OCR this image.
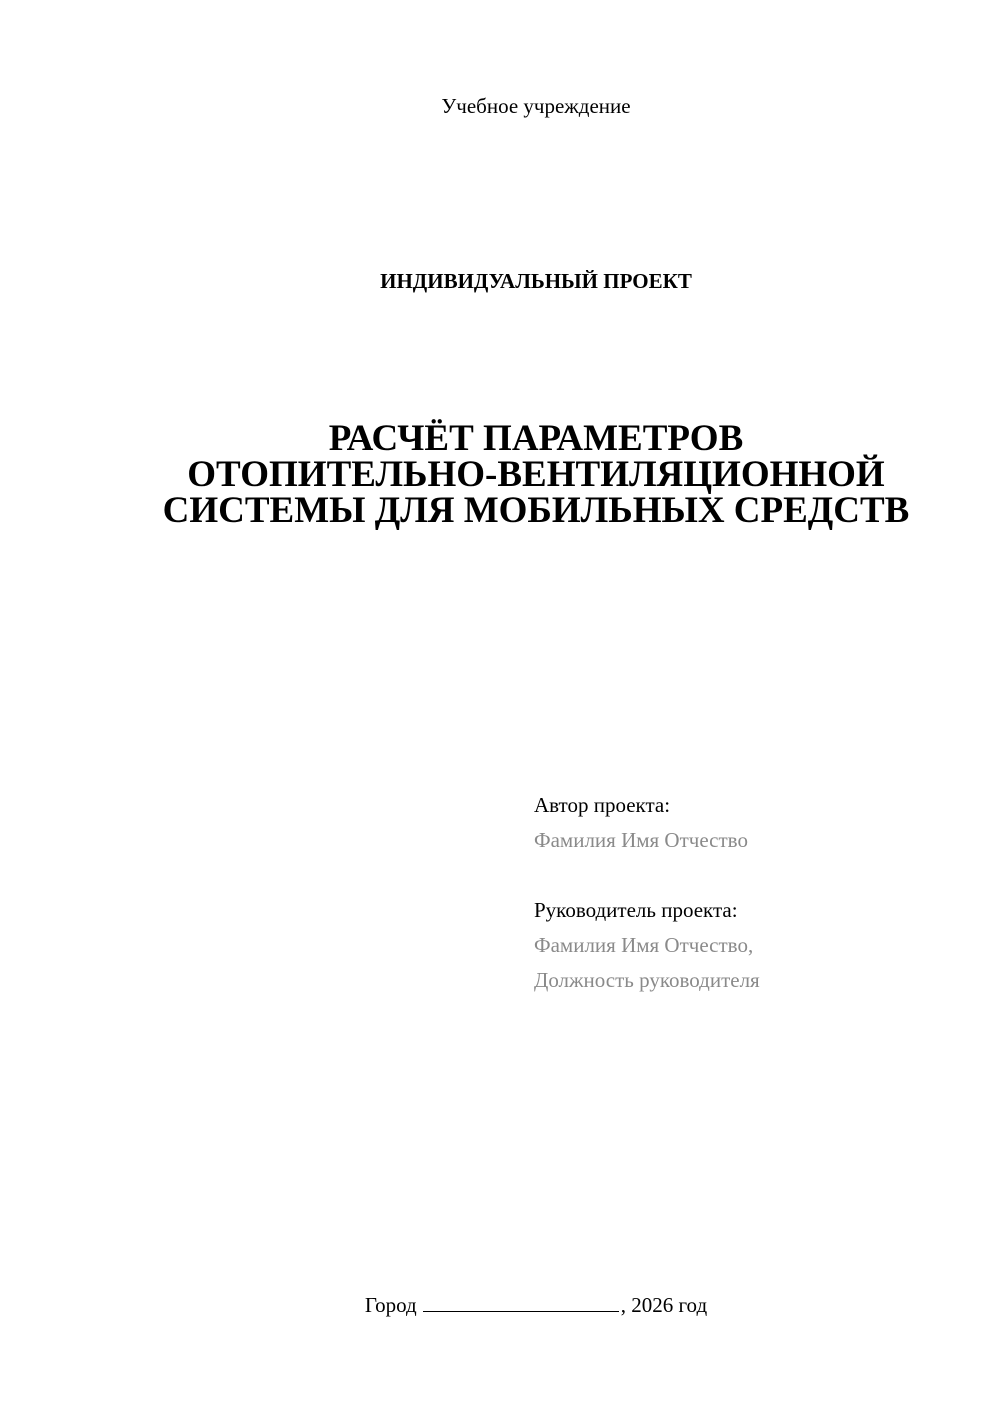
Учебное учреждение
ИНДИВИДУАЛЬНЫЙ ПРОЕКТ
РАСЧЁТ ПАРАМЕТРОВ
ОТОПИТЕЛЬНО-ВЕНТИЛЯЦИОННОЙ
СИСТЕМЫ ДЛЯ МОБИЛЬНЫХ СРЕДСТВ
Автор проекта:
Фамилия Имя Отчество
Руководитель проекта:
Фамилия Имя Отчество,
Должность руководителя
Город	, 2026 год
